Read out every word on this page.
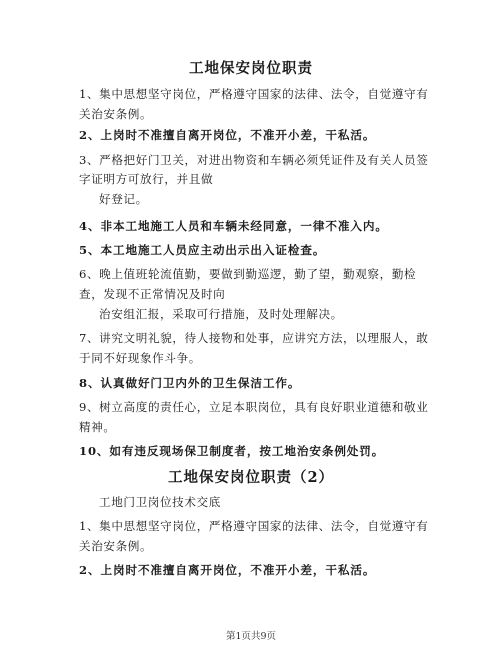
工地保安岗位职责
1、集中思想坚守岗位，严格遵守国家的法律、法令，自觉遵守有
关治安条例。
2、上岗时不准擅自离开岗位，不准开小差，干私活。
3、严格把好门卫关，对进出物资和车辆必须凭证件及有关人员签
字证明方可放行，并且做
好登记。
4、非本工地施工人员和车辆未经同意，一律不准入内。
5、本工地施工人员应主动出示出入证检查。
6、晚上值班轮流值勤，要做到勤巡逻，勤了望，勤观察，勤检
查，发现不正常情况及时向
治安组汇报，采取可行措施，及时处理解决。
7、讲究文明礼貌，待人接物和处事，应讲究方法，以理服人，敢
于同不好现象作斗争。
8、认真做好门卫内外的卫生保洁工作。
9、树立高度的责任心，立足本职岗位，具有良好职业道德和敬业
精神。
10、如有违反现场保卫制度者，按工地治安条例处罚。
工地保安岗位职责（2）
工地门卫岗位技术交底
1、集中思想坚守岗位，严格遵守国家的法律、法令，自觉遵守有
关治安条例。
2、上岗时不准擅自离开岗位，不准开小差，干私活。
第1页共9页
